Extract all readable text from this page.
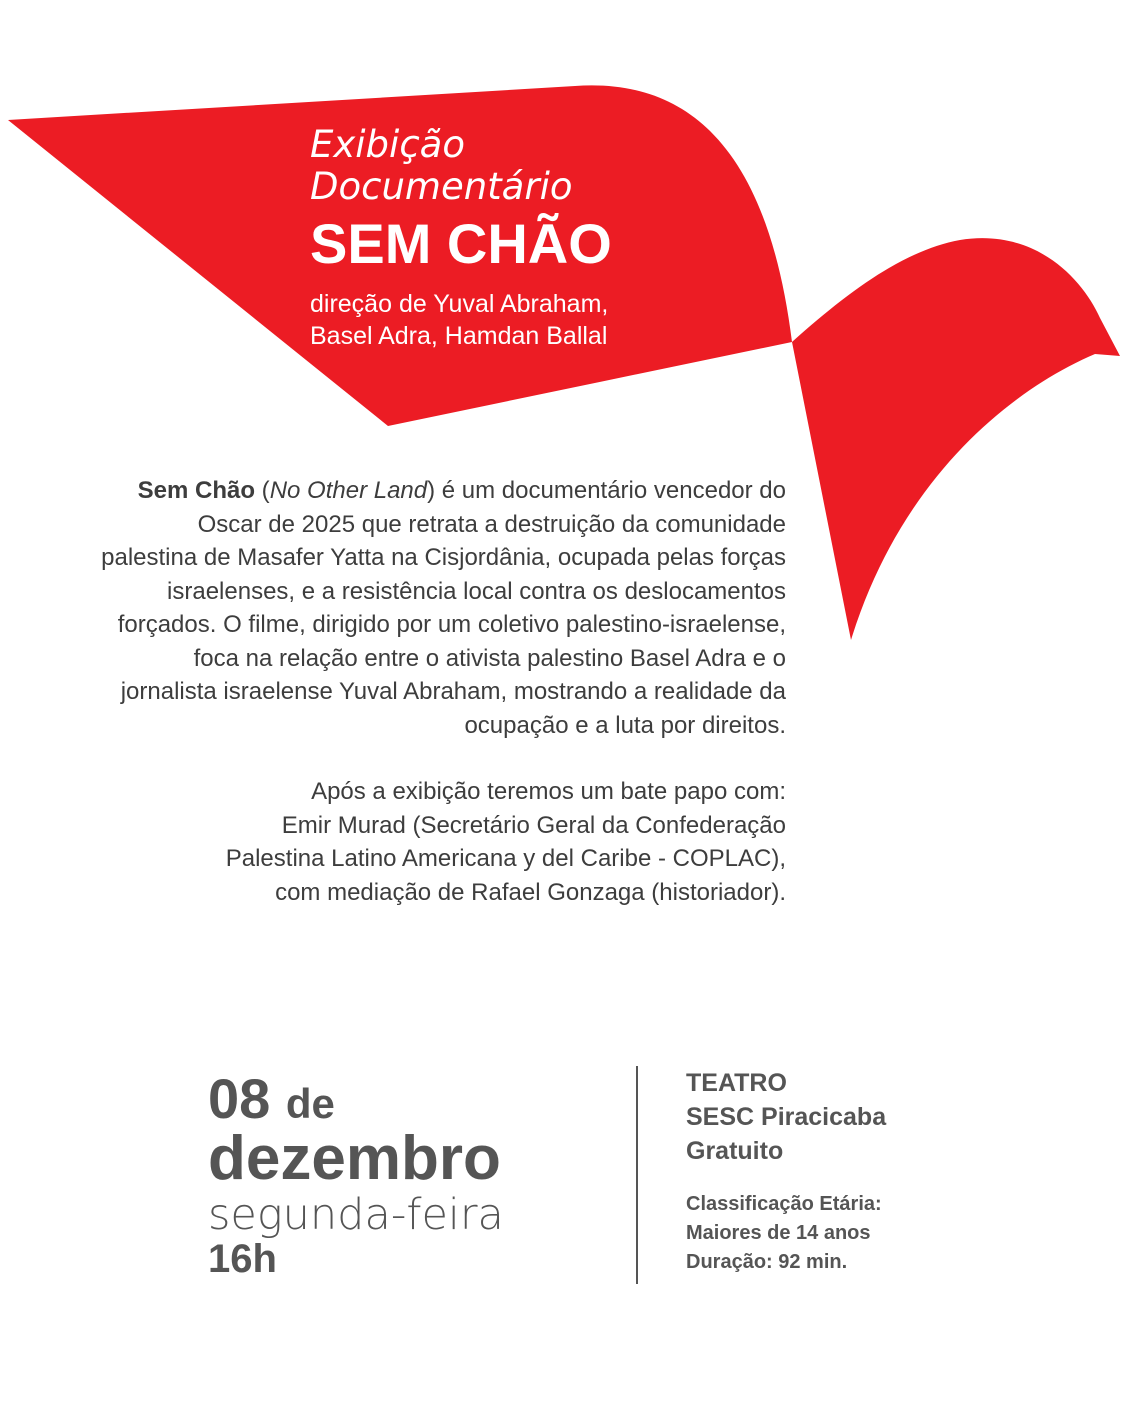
Exibição
Documentário
SEM CHÃO
direção de Yuval Abraham,
Basel Adra, Hamdan Ballal

Sem Chão (No Other Land) é um documentário vencedor do Oscar de 2025 que retrata a destruição da comunidade palestina de Masafer Yatta na Cisjordânia, ocupada pelas forças israelenses, e a resistência local contra os deslocamentos forçados. O filme, dirigido por um coletivo palestino-israelense, foca na relação entre o ativista palestino Basel Adra e o jornalista israelense Yuval Abraham, mostrando a realidade da ocupação e a luta por direitos.

Após a exibição teremos um bate papo com:
Emir Murad (Secretário Geral da Confederação
Palestina Latino Americana y del Caribe - COPLAC),
com mediação de Rafael Gonzaga (historiador).

08 de
dezembro
segunda-feira
16h
TEATRO
SESC Piracicaba
Gratuito
Classificação Etária:
Maiores de 14 anos
Duração: 92 min.
